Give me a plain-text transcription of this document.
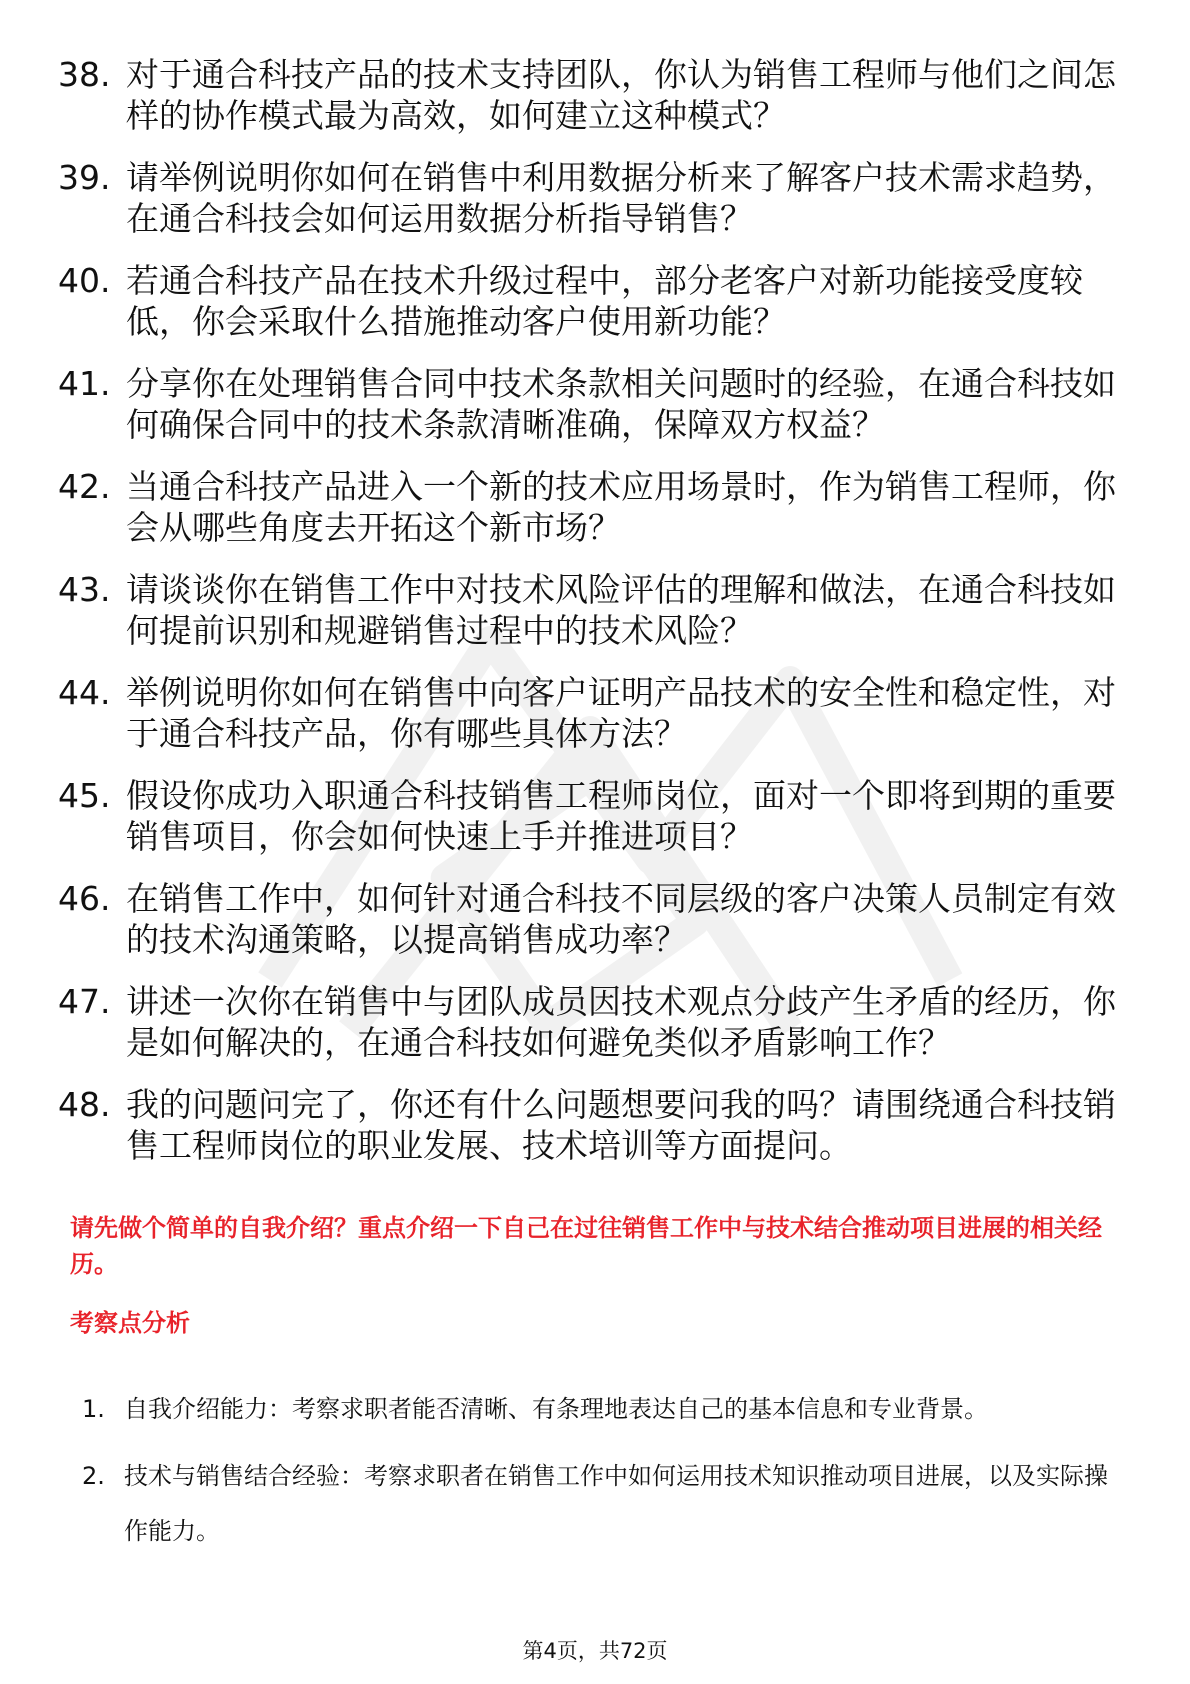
38. 对于通合科技产品的技术支持团队，你认为销售工程师与他们之间怎样的协作模式最为高效，如何建立这种模式？
39. 请举例说明你如何在销售中利用数据分析来了解客户技术需求趋势，在通合科技会如何运用数据分析指导销售？
40. 若通合科技产品在技术升级过程中，部分老客户对新功能接受度较低，你会采取什么措施推动客户使用新功能？
41. 分享你在处理销售合同中技术条款相关问题时的经验，在通合科技如何确保合同中的技术条款清晰准确，保障双方权益？
42. 当通合科技产品进入一个新的技术应用场景时，作为销售工程师，你会从哪些角度去开拓这个新市场？
43. 请谈谈你在销售工作中对技术风险评估的理解和做法，在通合科技如何提前识别和规避销售过程中的技术风险？
44. 举例说明你如何在销售中向客户证明产品技术的安全性和稳定性，对于通合科技产品，你有哪些具体方法？
45. 假设你成功入职通合科技销售工程师岗位，面对一个即将到期的重要销售项目，你会如何快速上手并推进项目？
46. 在销售工作中，如何针对通合科技不同层级的客户决策人员制定有效的技术沟通策略，以提高销售成功率？
47. 讲述一次你在销售中与团队成员因技术观点分歧产生矛盾的经历，你是如何解决的，在通合科技如何避免类似矛盾影响工作？
48. 我的问题问完了，你还有什么问题想要问我的吗？请围绕通合科技销售工程师岗位的职业发展、技术培训等方面提问。
请先做个简单的自我介绍？重点介绍一下自己在过往销售工作中与技术结合推动项目进展的相关经历。
考察点分析
1. 自我介绍能力：考察求职者能否清晰、有条理地表达自己的基本信息和专业背景。
2. 技术与销售结合经验：考察求职者在销售工作中如何运用技术知识推动项目进展，以及实际操作能力。
第4页，共72页
